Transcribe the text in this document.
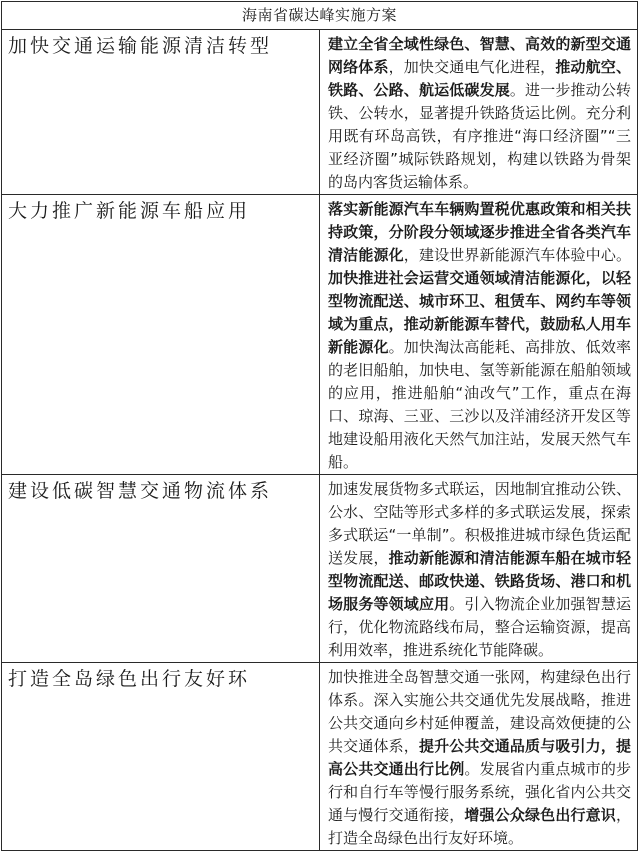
海南省碳达峰实施方案	
加快交通运输能源清洁转型	建立全省全域性绿色、智慧、高效的新型交通网络体系，加快交通电气化进程，推动航空、铁路、公路、航运低碳发展。进一步推动公转铁、公转水，显著提升铁路货运比例。充分利用既有环岛高铁，有序推进“海口经济圈”“三亚经济圈”城际铁路规划，构建以铁路为骨架的岛内客货运输体系。
大力推广新能源车船应用	落实新能源汽车车辆购置税优惠政策和相关扶持政策，分阶段分领域逐步推进全省各类汽车清洁能源化，建设世界新能源汽车体验中心。加快推进社会运营交通领域清洁能源化，以轻型物流配送、城市环卫、租赁车、网约车等领域为重点，推动新能源车替代，鼓励私人用车新能源化。加快淘汰高能耗、高排放、低效率的老旧船舶，加快电、氢等新能源在船舶领域的应用，推进船舶“油改气”工作，重点在海口、琼海、三亚、三沙以及洋浦经济开发区等地建设船用液化天然气加注站，发展天然气车船。
建设低碳智慧交通物流体系	加速发展货物多式联运，因地制宜推动公铁、公水、空陆等形式多样的多式联运发展，探索多式联运“一单制”。积极推进城市绿色货运配送发展，推动新能源和清洁能源车船在城市轻型物流配送、邮政快递、铁路货场、港口和机场服务等领域应用。引入物流企业加强智慧运行，优化物流路线布局，整合运输资源，提高利用效率，推进系统化节能降碳。
打造全岛绿色出行友好环	加快推进全岛智慧交通一张网，构建绿色出行体系。深入实施公共交通优先发展战略，推进公共交通向乡村延伸覆盖，建设高效便捷的公共交通体系，提升公共交通品质与吸引力，提高公共交通出行比例。发展省内重点城市的步行和自行车等慢行服务系统，强化省内公共交通与慢行交通衔接，增强公众绿色出行意识，打造全岛绿色出行友好环境。
